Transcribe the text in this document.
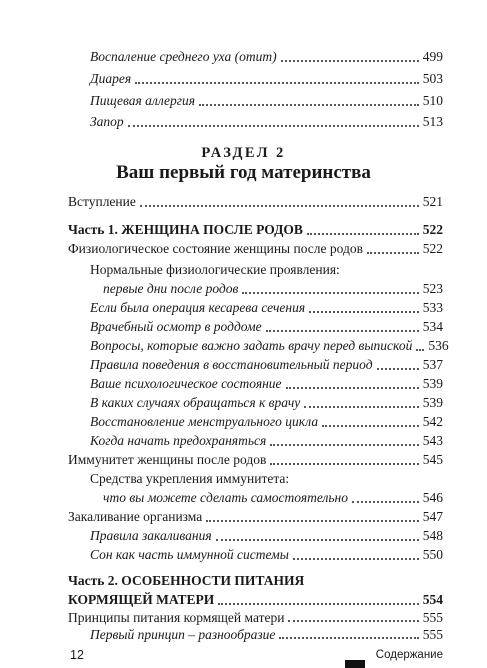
Воспаление среднего уха (отит)	499
Диарея	503
Пищевая аллергия	510
Запор	513
РАЗДЕЛ 2
Ваш первый год материнства
Вступление	521
Часть 1. ЖЕНЩИНА ПОСЛЕ РОДОВ	522
Физиологическое состояние женщины после родов	522
Нормальные физиологические проявления:
первые дни после родов	523
Если была операция кесарева сечения	533
Врачебный осмотр в роддоме	534
Вопросы, которые важно задать врачу перед выпиской 536
Правила поведения в восстановительный период	537
Ваше психологическое состояние	539
В каких случаях обращаться к врачу	539
Восстановление менструального цикла	542
Когда начать предохраняться	543
Иммунитет женщины после родов	545
Средства укрепления иммунитета:
что вы можете сделать самостоятельно	546
Закаливание организма	547
Правила закаливания	548
Сон как часть иммунной системы	550
Часть 2. ОСОБЕННОСТИ ПИТАНИЯ
КОРМЯЩЕЙ МАТЕРИ	554
Принципы питания кормящей матери	555
Первый принцип – разнообразие	555
12	Содержание
